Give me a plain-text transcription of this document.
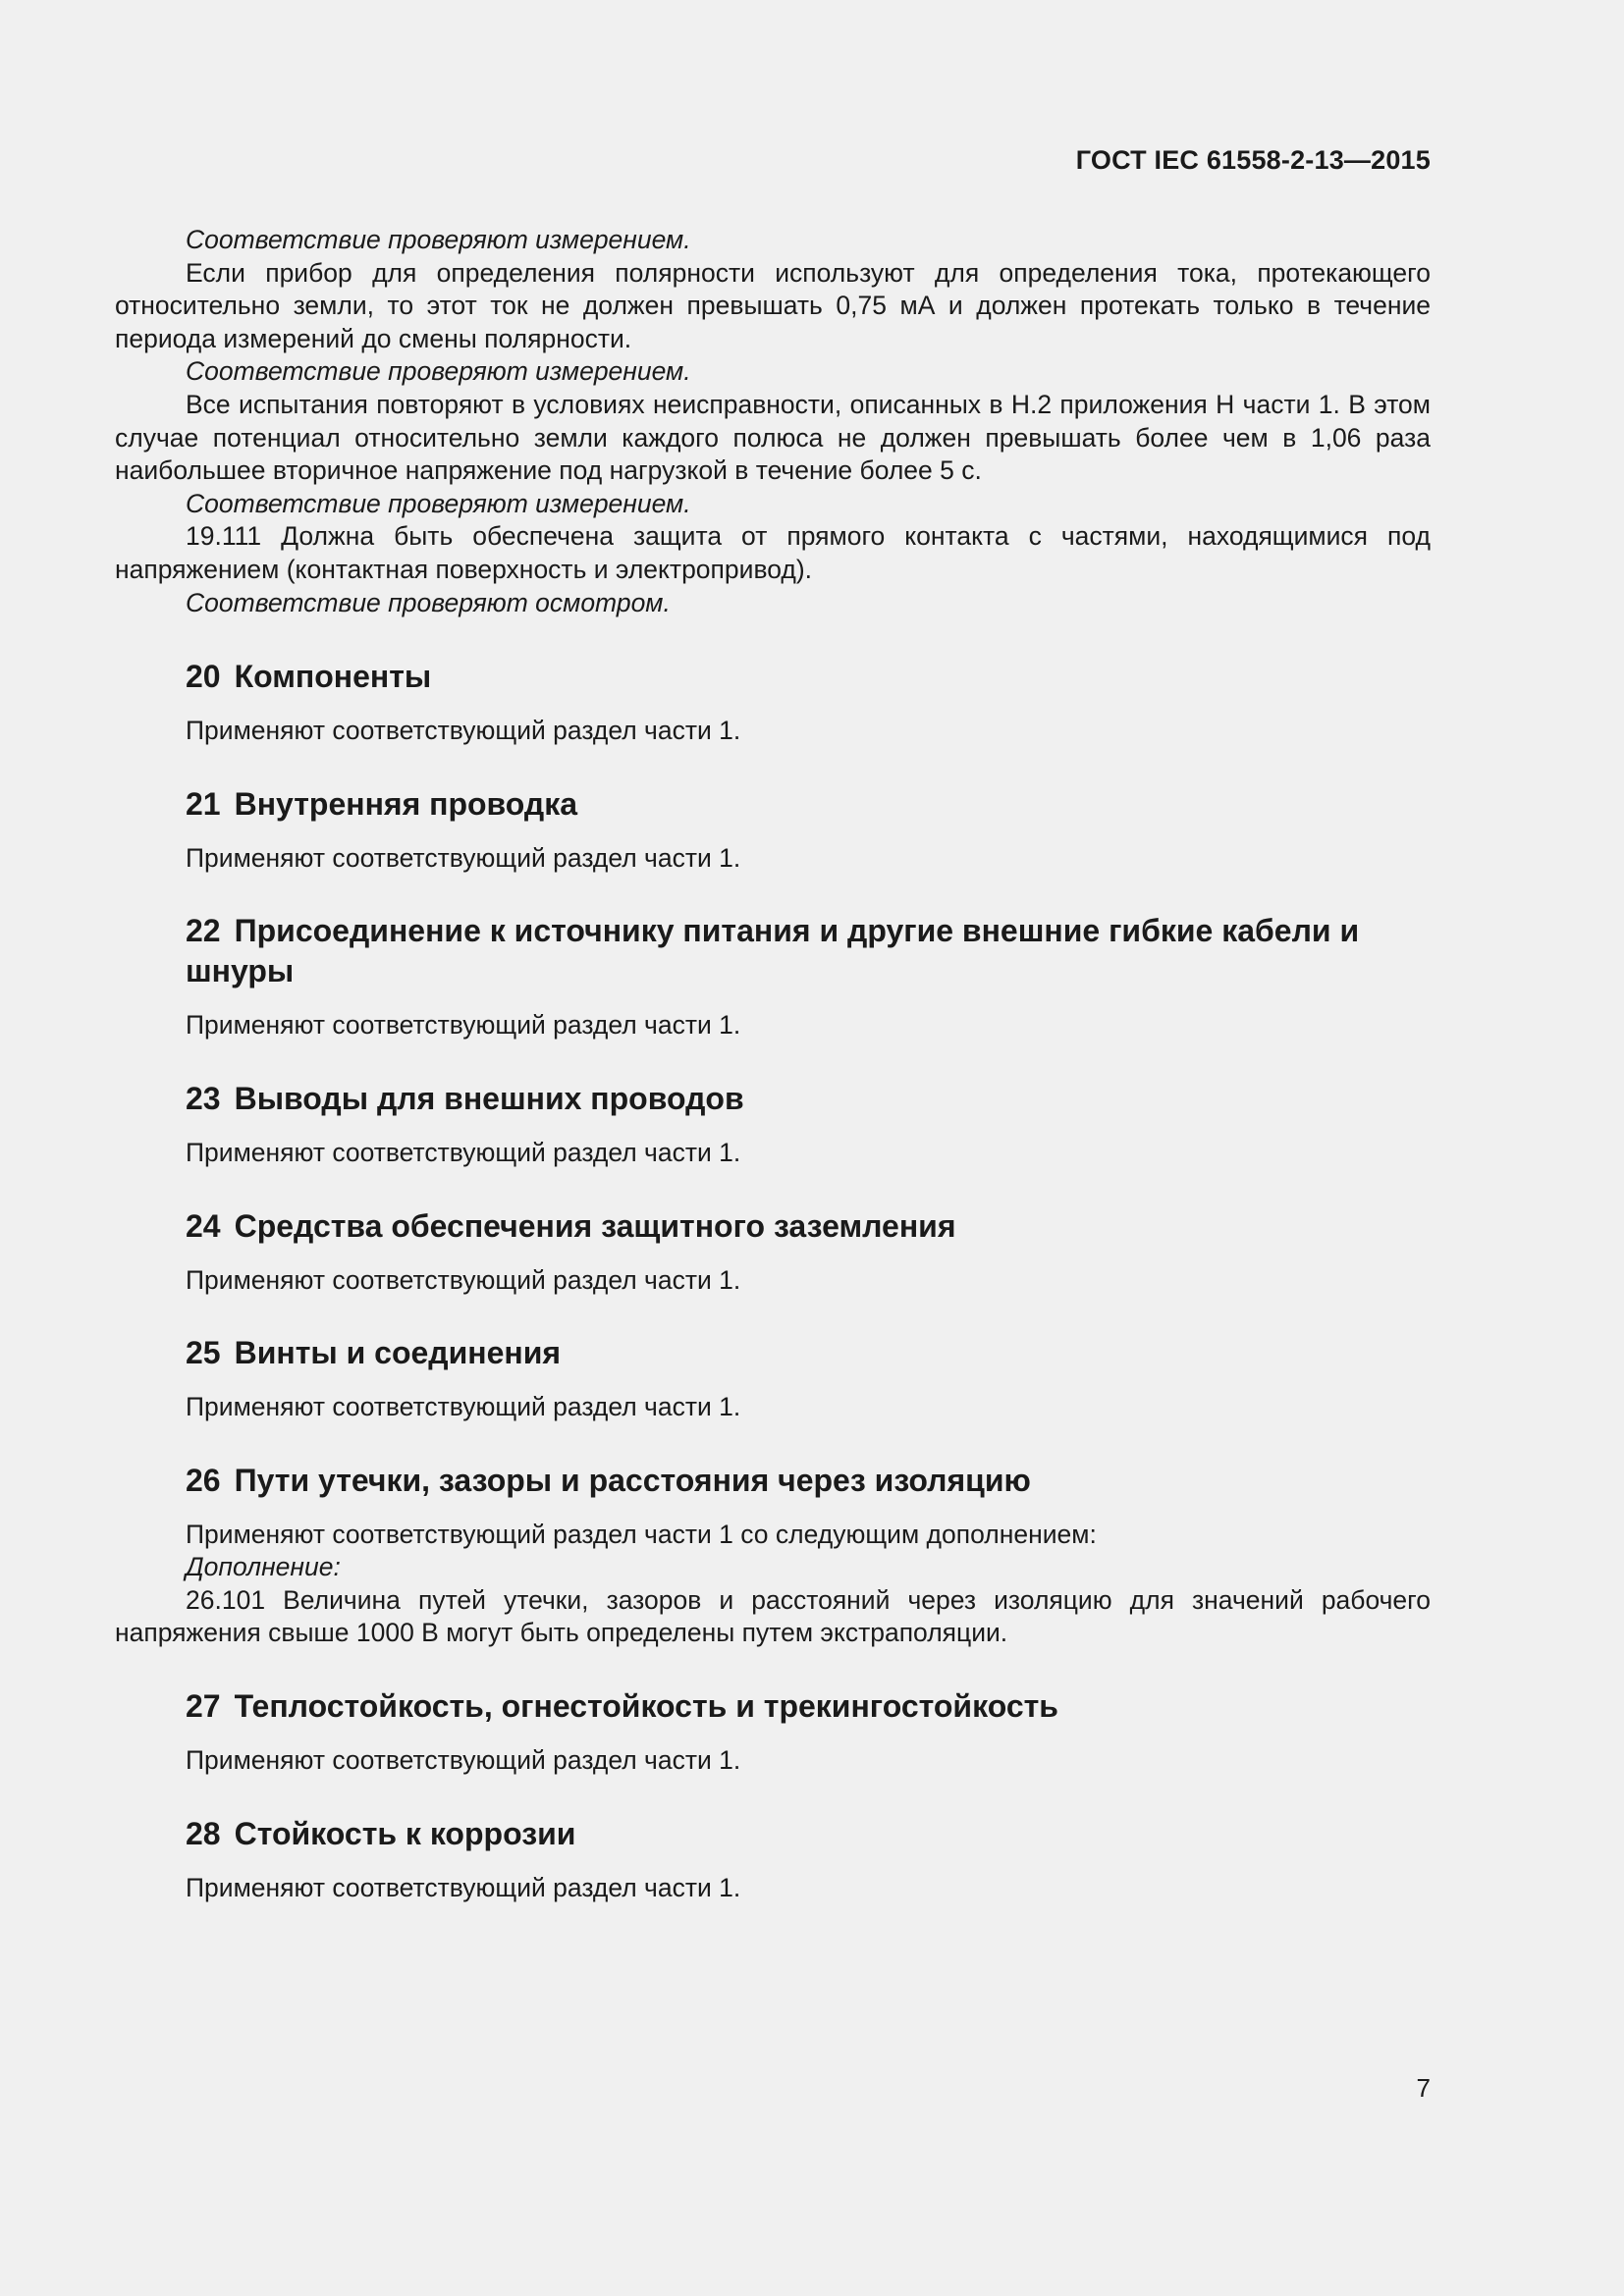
ГОСТ IEC 61558-2-13—2015

Соответствие проверяют измерением.

Если прибор для определения полярности используют для определения тока, протекающего относительно земли, то этот ток не должен превышать 0,75 мА и должен протекать только в течение периода измерений до смены полярности.

Соответствие проверяют измерением.

Все испытания повторяют в условиях неисправности, описанных в Н.2 приложения Н части 1. В этом случае потенциал относительно земли каждого полюса не должен превышать более чем в 1,06 раза наибольшее вторичное напряжение под нагрузкой в течение более 5 с.

Соответствие проверяют измерением.

19.111 Должна быть обеспечена защита от прямого контакта с частями, находящимися под напряжением (контактная поверхность и электропривод).

Соответствие проверяют осмотром.

20 Компоненты

Применяют соответствующий раздел части 1.

21 Внутренняя проводка

Применяют соответствующий раздел части 1.

22 Присоединение к источнику питания и другие внешние гибкие кабели и шнуры

Применяют соответствующий раздел части 1.

23 Выводы для внешних проводов

Применяют соответствующий раздел части 1.

24 Средства обеспечения защитного заземления

Применяют соответствующий раздел части 1.

25 Винты и соединения

Применяют соответствующий раздел части 1.

26 Пути утечки, зазоры и расстояния через изоляцию

Применяют соответствующий раздел части 1 со следующим дополнением:

Дополнение:

26.101 Величина путей утечки, зазоров и расстояний через изоляцию для значений рабочего напряжения свыше 1000 В могут быть определены путем экстраполяции.

27 Теплостойкость, огнестойкость и трекингостойкость

Применяют соответствующий раздел части 1.

28 Стойкость к коррозии

Применяют соответствующий раздел части 1.

7
